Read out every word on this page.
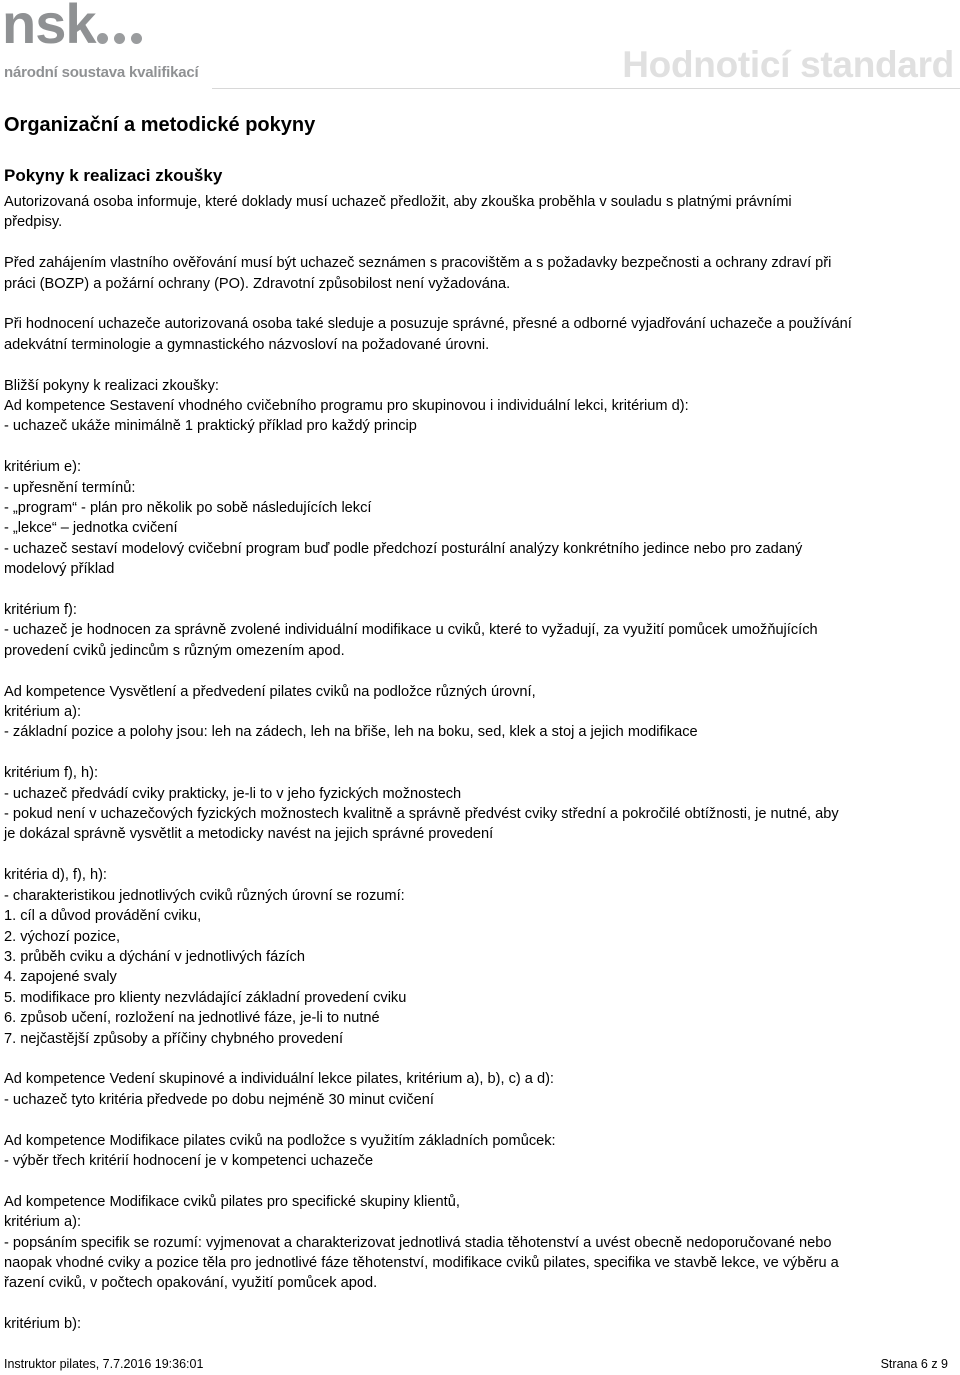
nsk
národní soustava kvalifikací	Hodnoticí standard
Organizační a metodické pokyny
Pokyny k realizaci zkoušky

Autorizovaná osoba informuje, které doklady musí uchazeč předložit, aby zkouška proběhla v souladu s platnými právními

předpisy.

Před zahájením vlastního ověřování musí být uchazeč seznámen s pracovištěm a s požadavky bezpečnosti a ochrany zdraví při

práci (BOZP) a požární ochrany (PO). Zdravotní způsobilost není vyžadována.

Při hodnocení uchazeče autorizovaná osoba také sleduje a posuzuje správné, přesné a odborné vyjadřování uchazeče a používání

adekvátní terminologie a gymnastického názvosloví na požadované úrovni.

Bližší pokyny k realizaci zkoušky:

Ad kompetence Sestavení vhodného cvičebního programu pro skupinovou i individuální lekci, kritérium d):

- uchazeč ukáže minimálně 1 praktický příklad pro každý princip

kritérium e):

- upřesnění termínů:

- „program“ - plán pro několik po sobě následujících lekcí

- „lekce“ – jednotka cvičení

- uchazeč sestaví modelový cvičební program buď podle předchozí posturální analýzy konkrétního jedince nebo pro zadaný

modelový příklad

kritérium f):

- uchazeč je hodnocen za správně zvolené individuální modifikace u cviků, které to vyžadují, za využití pomůcek umožňujících

provedení cviků jedincům s různým omezením apod.

Ad kompetence Vysvětlení a předvedení pilates cviků na podložce různých úrovní,

kritérium a):

- základní pozice a polohy jsou: leh na zádech, leh na břiše, leh na boku, sed, klek a stoj a jejich modifikace

kritérium f), h):

- uchazeč předvádí cviky prakticky, je-li to v jeho fyzických možnostech

- pokud není v uchazečových fyzických možnostech kvalitně a správně předvést cviky střední a pokročilé obtížnosti, je nutné, aby

je dokázal správně vysvětlit a metodicky navést na jejich správné provedení

kritéria d), f), h):

- charakteristikou jednotlivých cviků různých úrovní se rozumí:

1. cíl a důvod provádění cviku,

2. výchozí pozice,

3. průběh cviku a dýchání v jednotlivých fázích

4. zapojené svaly

5. modifikace pro klienty nezvládající základní provedení cviku

6. způsob učení, rozložení na jednotlivé fáze, je-li to nutné

7. nejčastější způsoby a příčiny chybného provedení

Ad kompetence Vedení skupinové a individuální lekce pilates, kritérium a), b), c) a d):

- uchazeč tyto kritéria předvede po dobu nejméně 30 minut cvičení

Ad kompetence Modifikace pilates cviků na podložce s využitím základních pomůcek:

- výběr třech kritérií hodnocení je v kompetenci uchazeče

Ad kompetence Modifikace cviků pilates pro specifické skupiny klientů,

kritérium a):

- popsáním specifik se rozumí: vyjmenovat a charakterizovat jednotlivá stadia těhotenství a uvést obecně nedoporučované nebo

naopak vhodné cviky a pozice těla pro jednotlivé fáze těhotenství, modifikace cviků pilates, specifika ve stavbě lekce, ve výběru a

řazení cviků, v počtech opakování, využití pomůcek apod.

kritérium b):

Instruktor pilates, 7.7.2016 19:36:01	Strana 6 z 9
